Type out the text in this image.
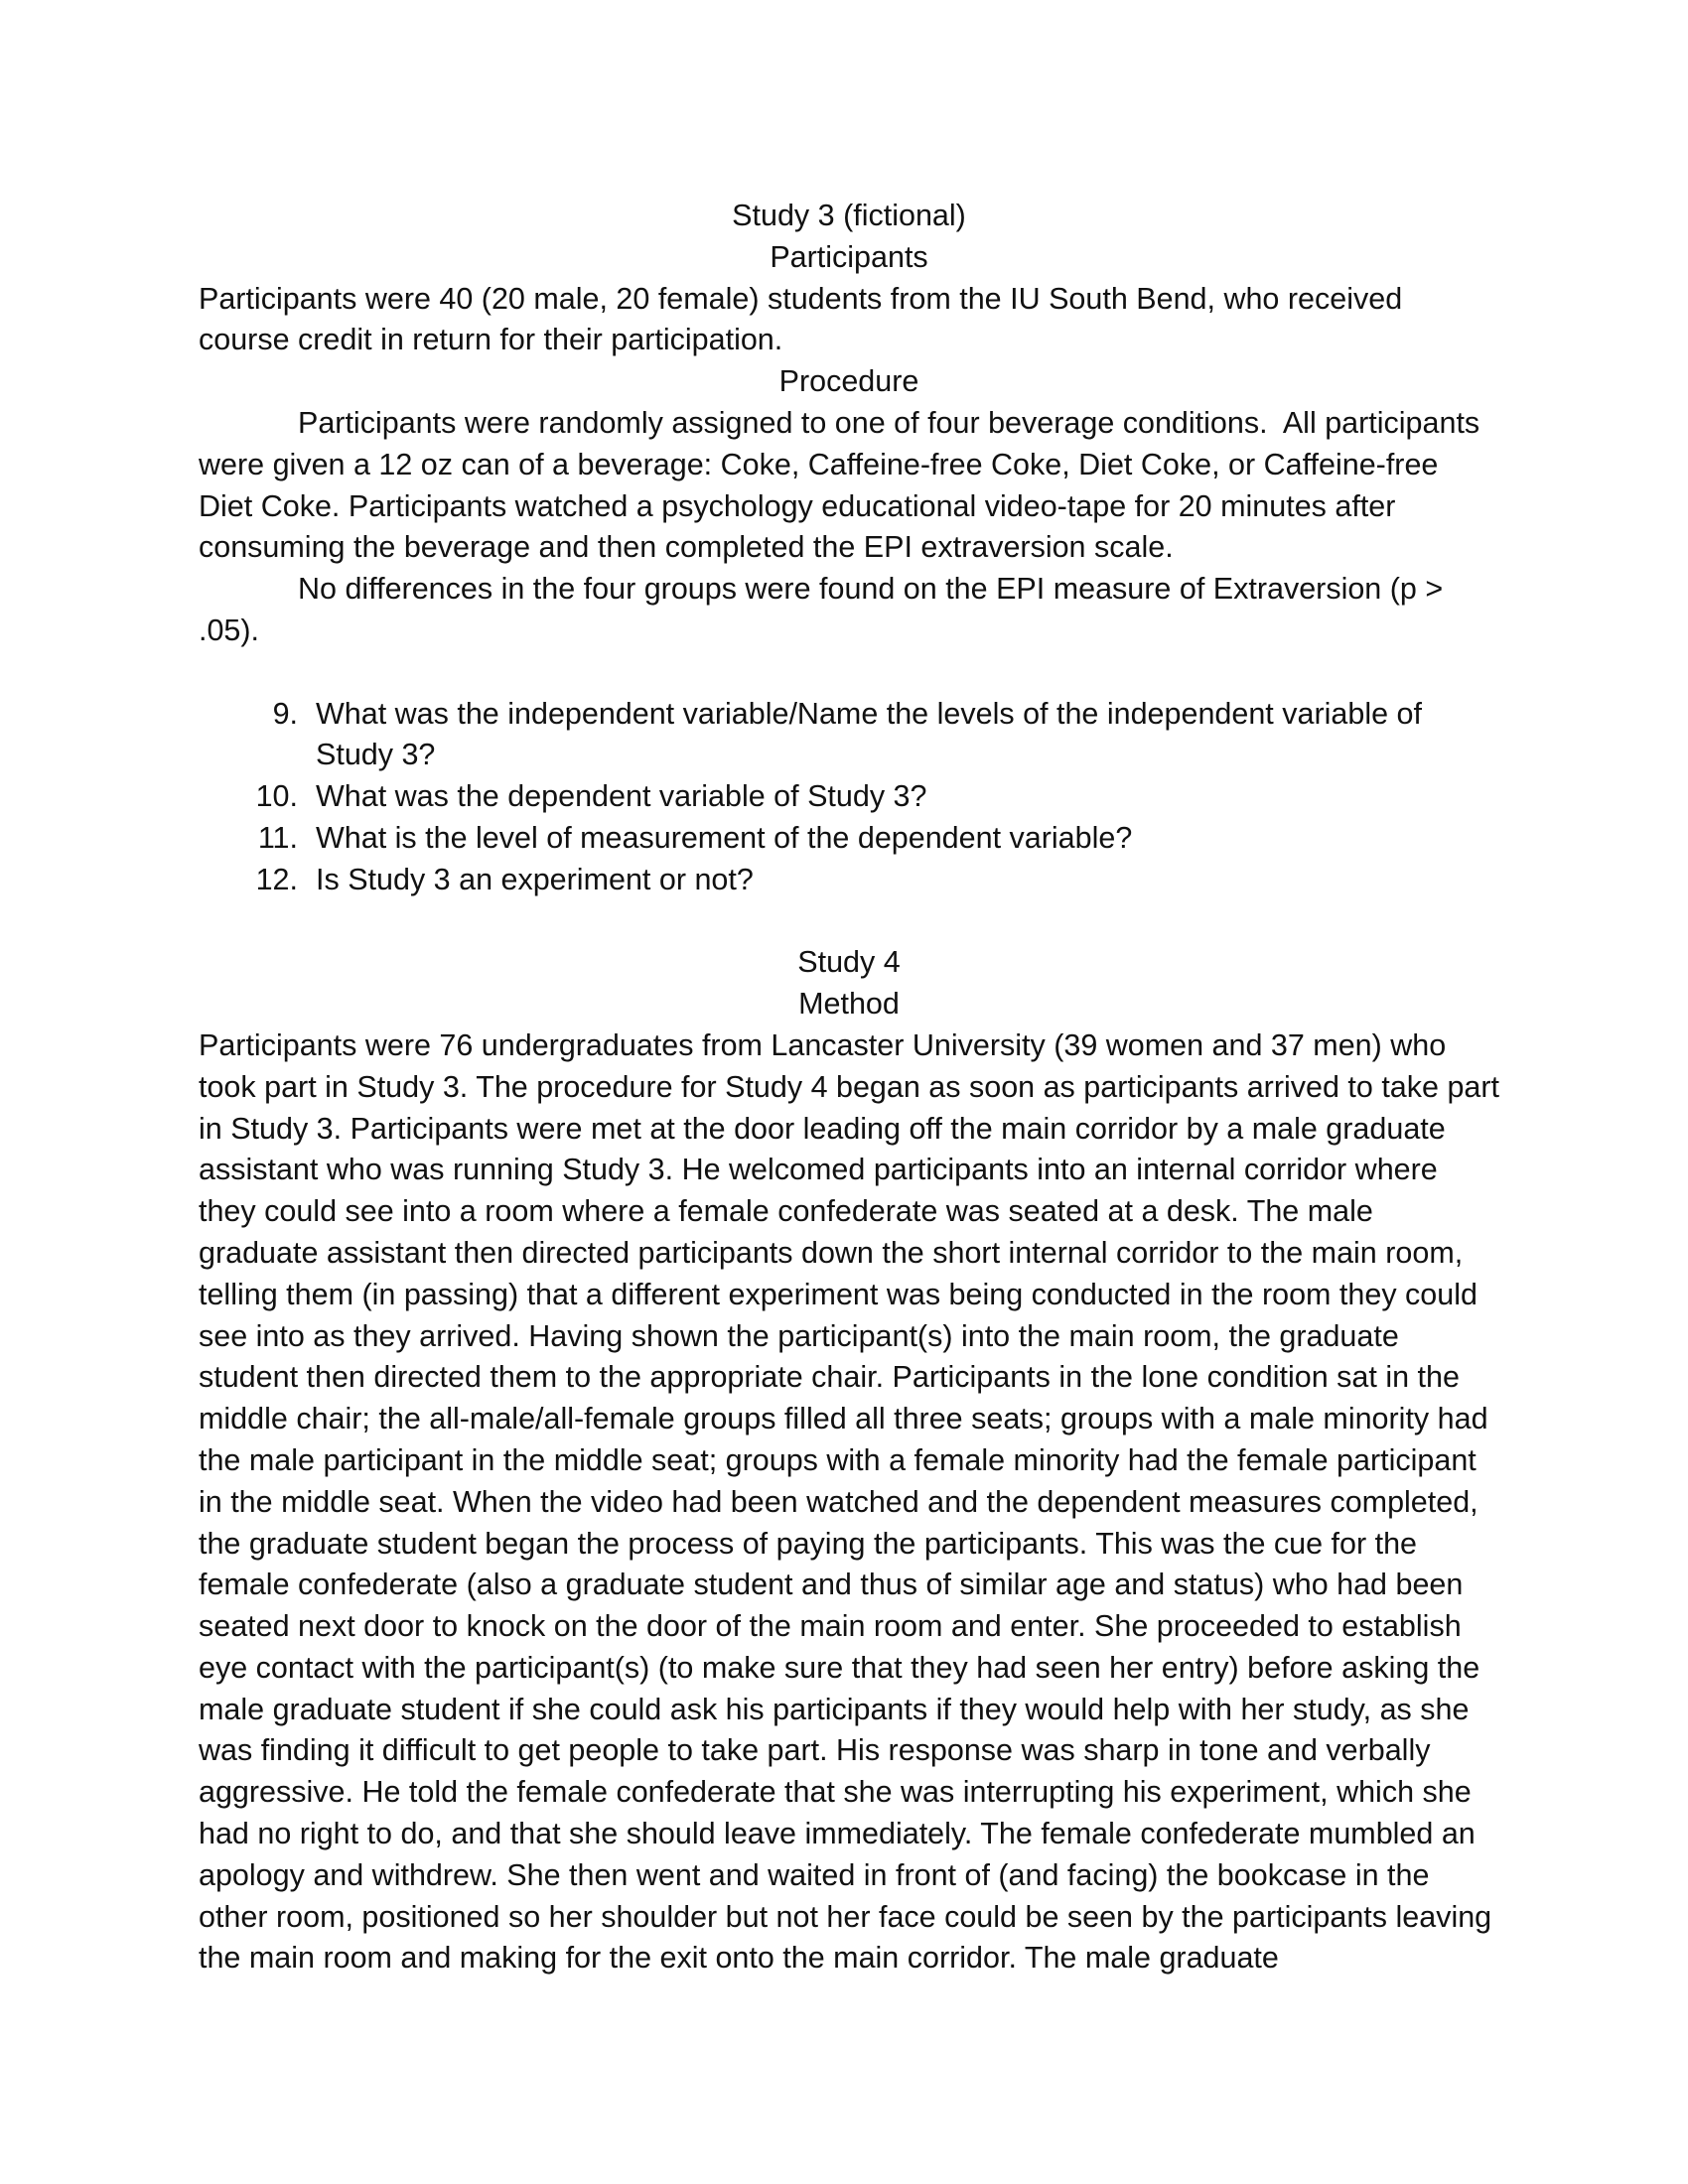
Study 3 (fictional)

Participants

Participants were 40 (20 male, 20 female) students from the IU South Bend, who received course credit in return for their participation.

Procedure

Participants were randomly assigned to one of four beverage conditions.  All participants were given a 12 oz can of a beverage: Coke, Caffeine-free Coke, Diet Coke, or Caffeine-free Diet Coke. Participants watched a psychology educational video-tape for 20 minutes after consuming the beverage and then completed the EPI extraversion scale.

No differences in the four groups were found on the EPI measure of Extraversion (p > .05).

9. What was the independent variable/Name the levels of the independent variable of Study 3?
10. What was the dependent variable of Study 3?
11. What is the level of measurement of the dependent variable?
12. Is Study 3 an experiment or not?

Study 4

Method

Participants were 76 undergraduates from Lancaster University (39 women and 37 men) who took part in Study 3. The procedure for Study 4 began as soon as participants arrived to take part in Study 3. Participants were met at the door leading off the main corridor by a male graduate assistant who was running Study 3. He welcomed participants into an internal corridor where they could see into a room where a female confederate was seated at a desk. The male graduate assistant then directed participants down the short internal corridor to the main room, telling them (in passing) that a different experiment was being conducted in the room they could see into as they arrived. Having shown the participant(s) into the main room, the graduate student then directed them to the appropriate chair. Participants in the lone condition sat in the middle chair; the all-male/all-female groups filled all three seats; groups with a male minority had the male participant in the middle seat; groups with a female minority had the female participant in the middle seat. When the video had been watched and the dependent measures completed, the graduate student began the process of paying the participants. This was the cue for the female confederate (also a graduate student and thus of similar age and status) who had been seated next door to knock on the door of the main room and enter. She proceeded to establish eye contact with the participant(s) (to make sure that they had seen her entry) before asking the male graduate student if she could ask his participants if they would help with her study, as she was finding it difficult to get people to take part. His response was sharp in tone and verbally aggressive. He told the female confederate that she was interrupting his experiment, which she had no right to do, and that she should leave immediately. The female confederate mumbled an apology and withdrew. She then went and waited in front of (and facing) the bookcase in the other room, positioned so her shoulder but not her face could be seen by the participants leaving the main room and making for the exit onto the main corridor. The male graduate
